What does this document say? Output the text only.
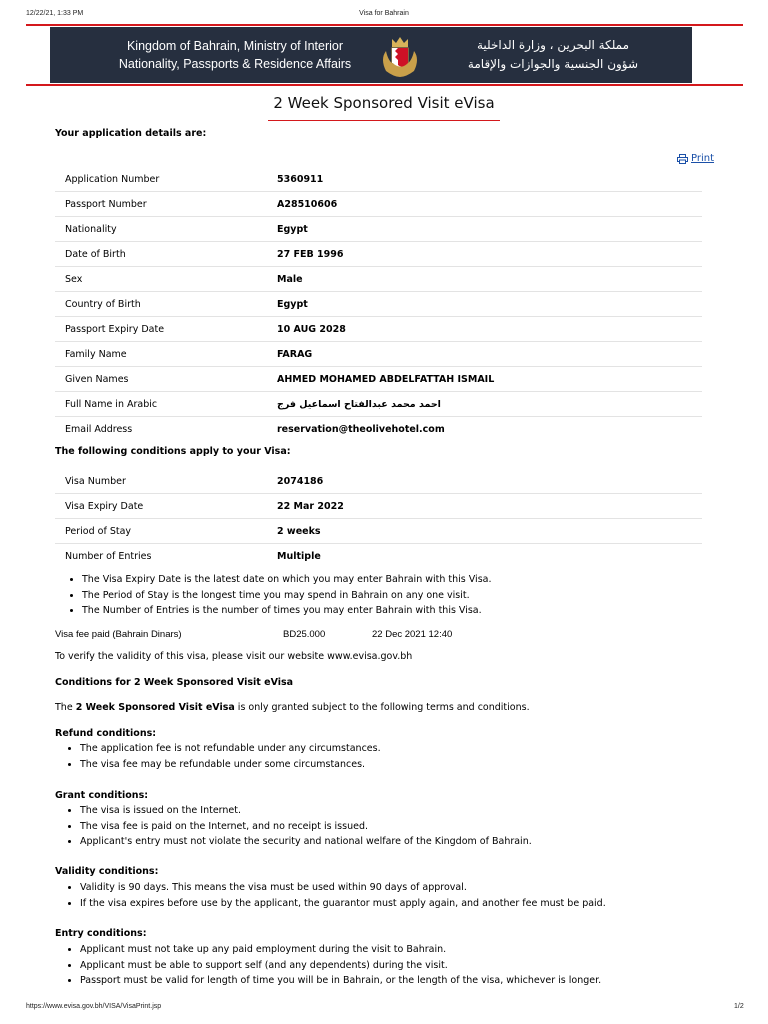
12/22/21, 1:33 PM	Visa for Bahrain
Kingdom of Bahrain, Ministry of Interior
Nationality, Passports & Residence Affairs
مملكة البحرين ، وزارة الداخلية
شؤون الجنسية والجوازات والإقامة
2 Week Sponsored Visit eVisa
Your application details are:
Print
Application Number	5360911
Passport Number	A28510606
Nationality	Egypt
Date of Birth	27 FEB 1996
Sex	Male
Country of Birth	Egypt
Passport Expiry Date	10 AUG 2028
Family Name	FARAG
Given Names	AHMED MOHAMED ABDELFATTAH ISMAIL
Full Name in Arabic	احمد محمد عبدالفتاح اسماعيل فرج
Email Address	reservation@theolivehotel.com
The following conditions apply to your Visa:
Visa Number	2074186
Visa Expiry Date	22 Mar 2022
Period of Stay	2 weeks
Number of Entries	Multiple
• The Visa Expiry Date is the latest date on which you may enter Bahrain with this Visa.
• The Period of Stay is the longest time you may spend in Bahrain on any one visit.
• The Number of Entries is the number of times you may enter Bahrain with this Visa.
Visa fee paid (Bahrain Dinars)	BD25.000	22 Dec 2021 12:40
To verify the validity of this visa, please visit our website www.evisa.gov.bh
Conditions for 2 Week Sponsored Visit eVisa
The 2 Week Sponsored Visit eVisa is only granted subject to the following terms and conditions.
Refund conditions:
• The application fee is not refundable under any circumstances.
• The visa fee may be refundable under some circumstances.
Grant conditions:
• The visa is issued on the Internet.
• The visa fee is paid on the Internet, and no receipt is issued.
• Applicant's entry must not violate the security and national welfare of the Kingdom of Bahrain.
Validity conditions:
• Validity is 90 days. This means the visa must be used within 90 days of approval.
• If the visa expires before use by the applicant, the guarantor must apply again, and another fee must be paid.
Entry conditions:
• Applicant must not take up any paid employment during the visit to Bahrain.
• Applicant must be able to support self (and any dependents) during the visit.
• Passport must be valid for length of time you will be in Bahrain, or the length of the visa, whichever is longer.
https://www.evisa.gov.bh/VISA/VisaPrint.jsp	1/2
